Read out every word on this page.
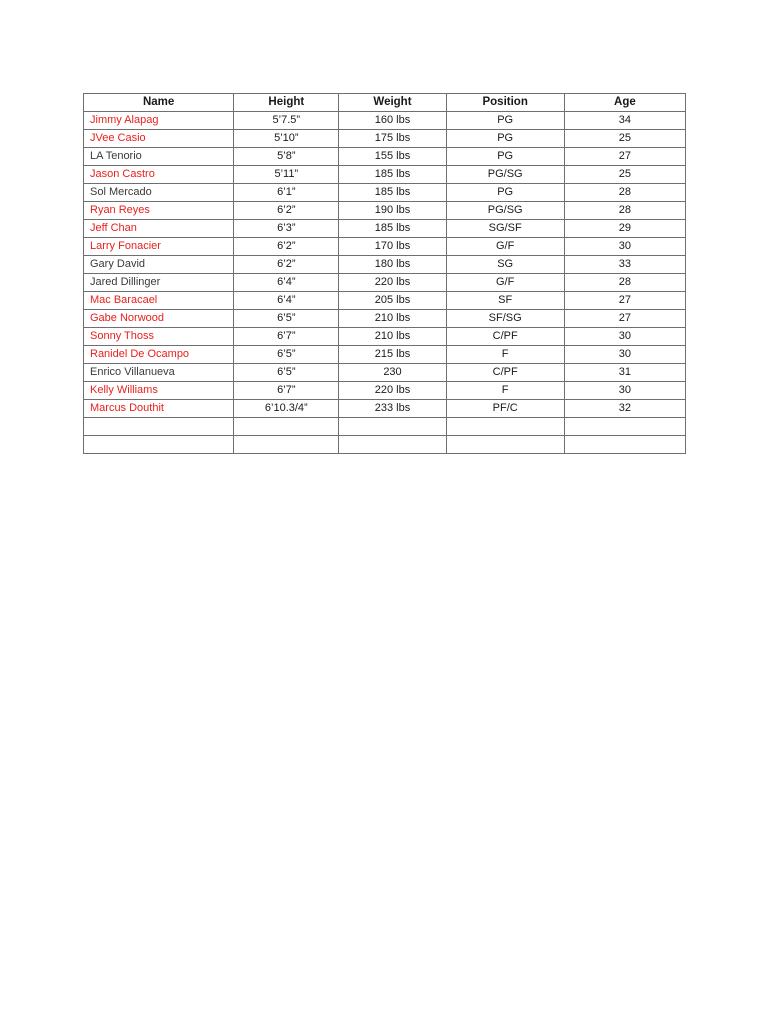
Name	Height	Weight	Position	Age
Jimmy Alapag	5’7.5”	160 lbs	PG	34
JVee Casio	5’10”	175 lbs	PG	25
LA Tenorio	5’8”	155 lbs	PG	27
Jason Castro	5’11”	185 lbs	PG/SG	25
Sol Mercado	6’1”	185 lbs	PG	28
Ryan Reyes	6’2”	190 lbs	PG/SG	28
Jeff Chan	6’3”	185 lbs	SG/SF	29
Larry Fonacier	6’2”	170 lbs	G/F	30
Gary David	6’2”	180 lbs	SG	33
Jared Dillinger	6’4”	220 lbs	G/F	28
Mac Baracael	6’4”	205 lbs	SF	27
Gabe Norwood	6’5”	210 lbs	SF/SG	27
Sonny Thoss	6’7”	210 lbs	C/PF	30
Ranidel De Ocampo	6’5”	215 lbs	F	30
Enrico Villanueva	6’5”	230	C/PF	31
Kelly Williams	6’7”	220 lbs	F	30
Marcus Douthit	6’10.3/4”	233 lbs	PF/C	32
